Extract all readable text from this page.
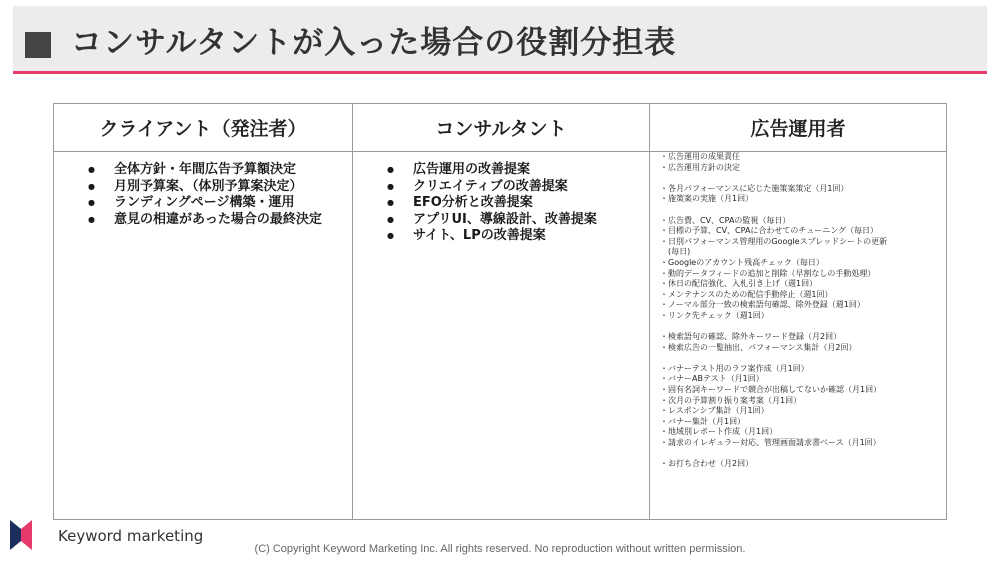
コンサルタントが入った場合の役割分担表
クライアント（発注者）	コンサルタント	広告運用者
● 全体方針・年間広告予算額決定
● 月別予算案、（体別予算案決定）
● ランディングページ構築・運用
● 意見の相違があった場合の最終決定
● 広告運用の改善提案
● クリエイティブの改善提案
● EFO分析と改善提案
● アプリUI、導線設計、改善提案
● サイト、LPの改善提案
・広告運用の成果責任
・広告運用方針の決定
・各月パフォーマンスに応じた施策案策定（月1回）
・施策案の実施（月1回）
・広告費、CV、CPAの監視（毎日）
・目標の予算、CV、CPAに合わせてのチューニング（毎日）
・日別パフォーマンス管理用のGoogleスプレッドシートの更新
　(毎日)
・Googleのアカウント残高チェック（毎日）
・動的データフィードの追加と削除（早割なしの手動処理）
・休日の配信強化、入札引き上げ（週1回）
・メンテナンスのための配信手動停止（週1回）
・ノーマル部分一致の検索語句確認、除外登録（週1回）
・リンク先チェック（週1回）
・検索語句の確認、除外キーワード登録（月2回）
・検索広告の一覧抽出、パフォーマンス集計（月2回）
・バナーテスト用のラフ案作成（月1回）
・バナーABテスト（月1回）
・固有名詞キーワードで競合が出稿してないか確認（月1回）
・次月の予算割り振り案考案（月1回）
・レスポンシブ集計（月1回）
・バナー集計（月1回）
・地域別レポート作成（月1回）
・請求のイレギュラー対応、管理画面請求書ベース（月1回）
・お打ち合わせ（月2回）
Keyword marketing
(C) Copyright Keyword Marketing Inc. All rights reserved. No reproduction without written permission.
